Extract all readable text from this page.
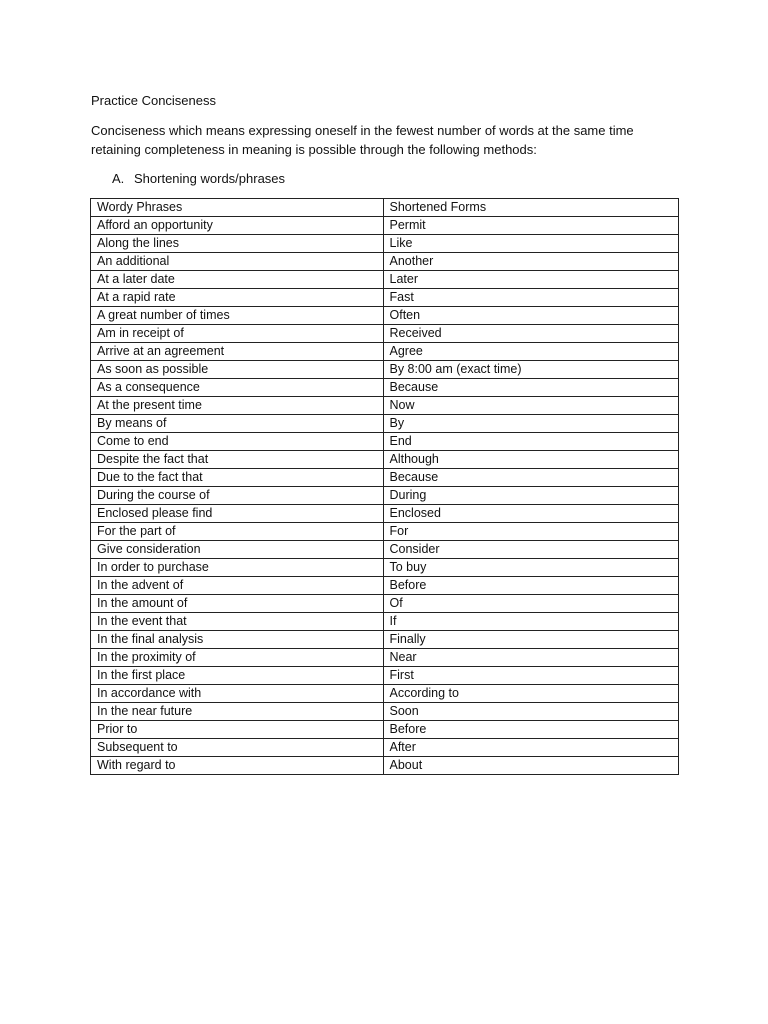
Practice Conciseness
Conciseness which means expressing oneself in the fewest number of words at the same time retaining completeness in meaning is possible through the following methods:
A. Shortening words/phrases
Wordy Phrases	Shortened Forms
Afford an opportunity	Permit
Along the lines	Like
An additional	Another
At a later date	Later
At a rapid rate	Fast
A great number of times	Often
Am in receipt of	Received
Arrive at an agreement	Agree
As soon as possible	By 8:00 am (exact time)
As a consequence	Because
At the present time	Now
By means of	By
Come to end	End
Despite the fact that	Although
Due to the fact that	Because
During the course of	During
Enclosed please find	Enclosed
For the part of	For
Give consideration	Consider
In order to purchase	To buy
In the advent of	Before
In the amount of	Of
In the event that	If
In the final analysis	Finally
In the proximity of	Near
In the first place	First
In accordance with	According to
In the near future	Soon
Prior to	Before
Subsequent to	After
With regard to	About
